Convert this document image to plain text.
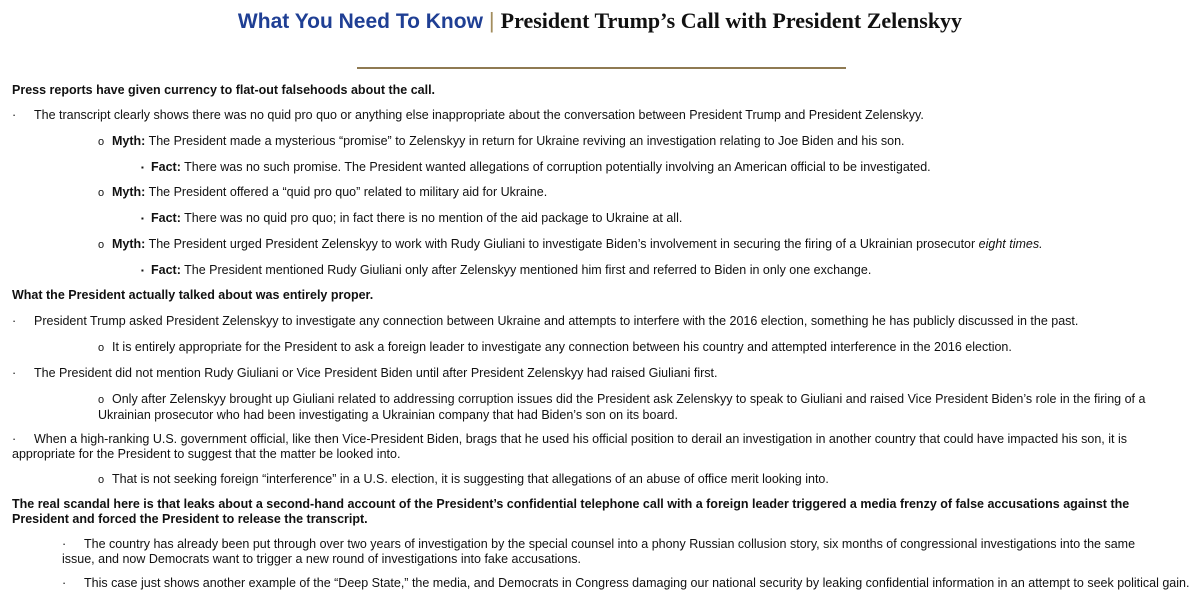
What You Need To Know | President Trump’s Call with President Zelenskyy
Press reports have given currency to flat-out falsehoods about the call.
· The transcript clearly shows there was no quid pro quo or anything else inappropriate about the conversation between President Trump and President Zelenskyy.
o Myth: The President made a mysterious “promise” to Zelenskyy in return for Ukraine reviving an investigation relating to Joe Biden and his son.
▪ Fact: There was no such promise. The President wanted allegations of corruption potentially involving an American official to be investigated.
o Myth: The President offered a “quid pro quo” related to military aid for Ukraine.
▪ Fact: There was no quid pro quo; in fact there is no mention of the aid package to Ukraine at all.
o Myth: The President urged President Zelenskyy to work with Rudy Giuliani to investigate Biden’s involvement in securing the firing of a Ukrainian prosecutor eight times.
▪ Fact: The President mentioned Rudy Giuliani only after Zelenskyy mentioned him first and referred to Biden in only one exchange.
What the President actually talked about was entirely proper.
· President Trump asked President Zelenskyy to investigate any connection between Ukraine and attempts to interfere with the 2016 election, something he has publicly discussed in the past.
o It is entirely appropriate for the President to ask a foreign leader to investigate any connection between his country and attempted interference in the 2016 election.
· The President did not mention Rudy Giuliani or Vice President Biden until after President Zelenskyy had raised Giuliani first.
o Only after Zelenskyy brought up Giuliani related to addressing corruption issues did the President ask Zelenskyy to speak to Giuliani and raised Vice President Biden’s role in the firing of a Ukrainian prosecutor who had been investigating a Ukrainian company that had Biden’s son on its board.
· When a high-ranking U.S. government official, like then Vice-President Biden, brags that he used his official position to derail an investigation in another country that could have impacted his son, it is appropriate for the President to suggest that the matter be looked into.
o That is not seeking foreign “interference” in a U.S. election, it is suggesting that allegations of an abuse of office merit looking into.
The real scandal here is that leaks about a second-hand account of the President’s confidential telephone call with a foreign leader triggered a media frenzy of false accusations against the President and forced the President to release the transcript.
· The country has already been put through over two years of investigation by the special counsel into a phony Russian collusion story, six months of congressional investigations into the same issue, and now Democrats want to trigger a new round of investigations into fake accusations.
· This case just shows another example of the “Deep State,” the media, and Democrats in Congress damaging our national security by leaking confidential information in an attempt to seek political gain.
